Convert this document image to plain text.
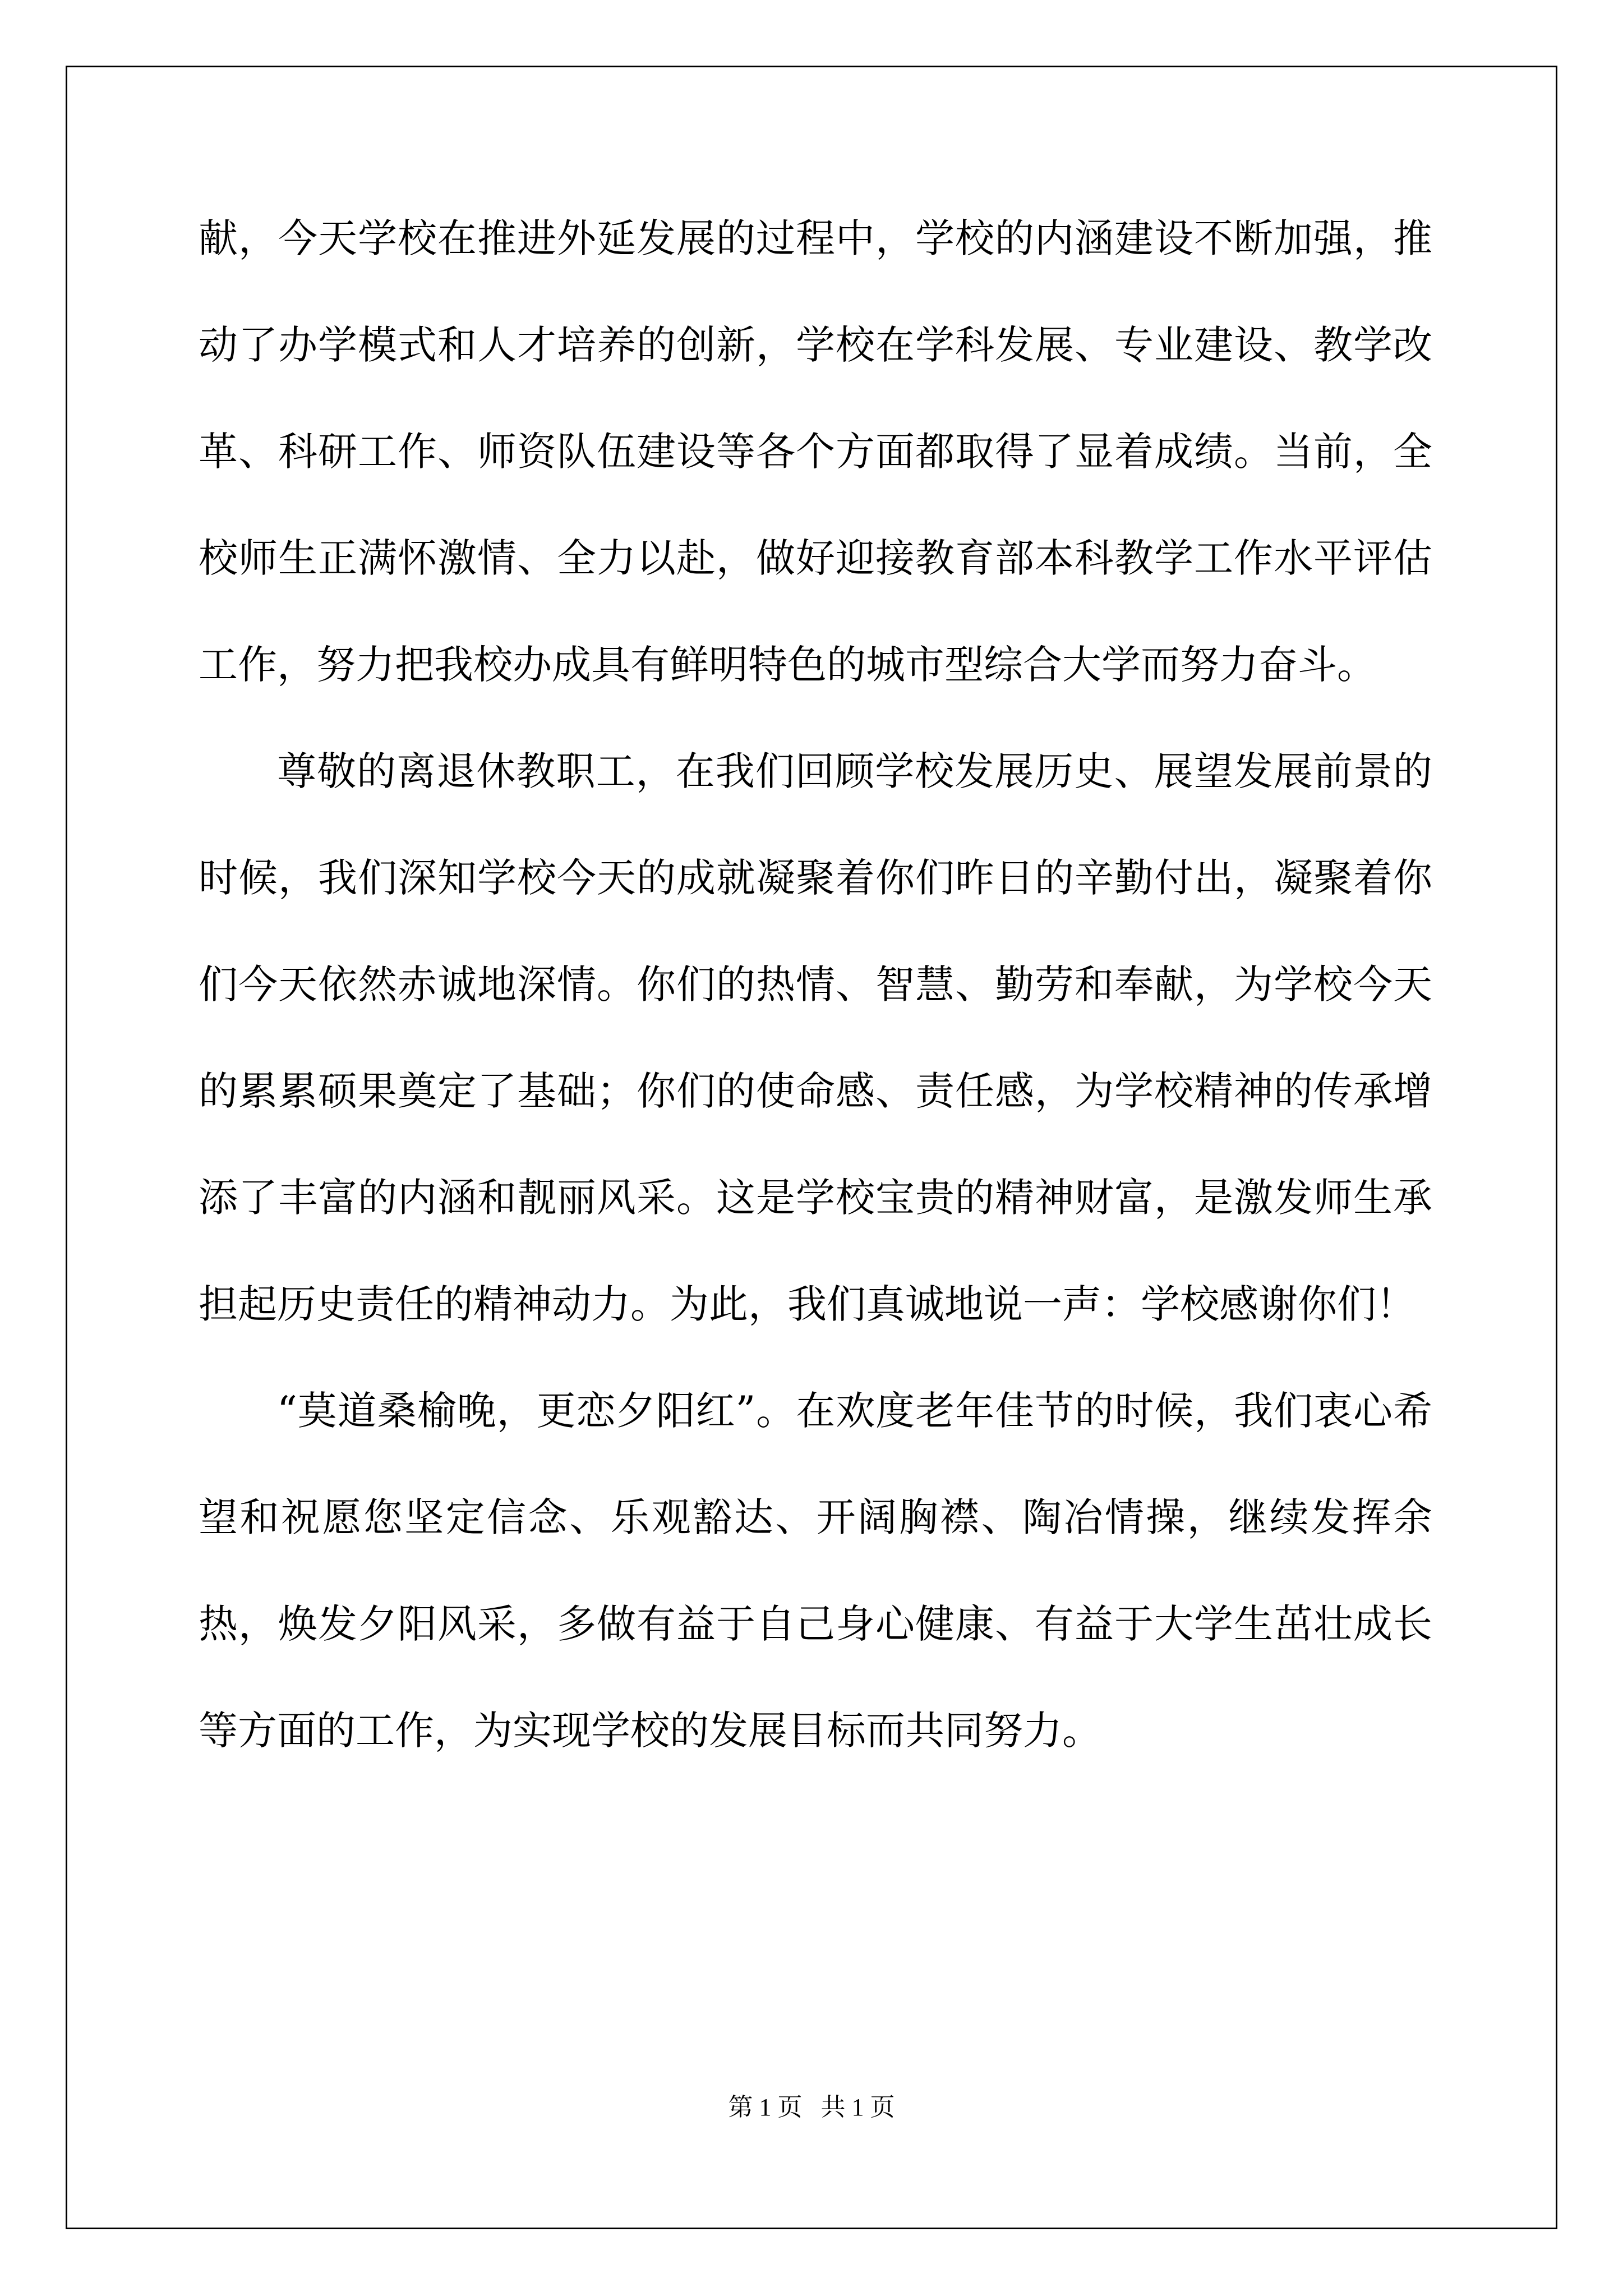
献，今天学校在推进外延发展的过程中，学校的内涵建设不断加强，推动了办学模式和人才培养的创新，学校在学科发展、专业建设、教学改革、科研工作、师资队伍建设等各个方面都取得了显着成绩。当前，全校师生正满怀激情、全力以赴，做好迎接教育部本科教学工作水平评估工作，努力把我校办成具有鲜明特色的城市型综合大学而努力奋斗。

尊敬的离退休教职工，在我们回顾学校发展历史、展望发展前景的时候，我们深知学校今天的成就凝聚着你们昨日的辛勤付出，凝聚着你们今天依然赤诚地深情。你们的热情、智慧、勤劳和奉献，为学校今天的累累硕果奠定了基础；你们的使命感、责任感，为学校精神的传承增添了丰富的内涵和靓丽风采。这是学校宝贵的精神财富，是激发师生承担起历史责任的精神动力。为此，我们真诚地说一声：学校感谢你们！

“莫道桑榆晚，更恋夕阳红”。在欢度老年佳节的时候，我们衷心希望和祝愿您坚定信念、乐观豁达、开阔胸襟、陶冶情操，继续发挥余热，焕发夕阳风采，多做有益于自己身心健康、有益于大学生茁壮成长等方面的工作，为实现学校的发展目标而共同努力。

第 1 页   共 1 页
